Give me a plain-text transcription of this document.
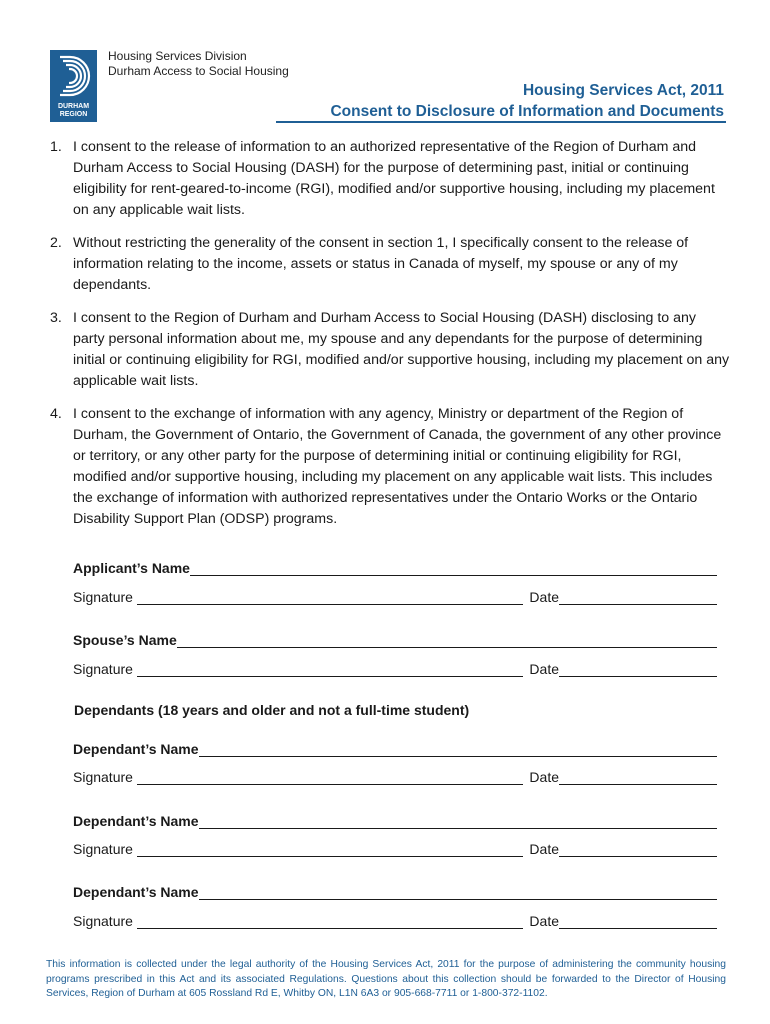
DURHAM
REGION
Housing Services Division
Durham Access to Social Housing
Housing Services Act, 2011
Consent to Disclosure of Information and Documents
1. I consent to the release of information to an authorized representative of the Region of Durham and Durham Access to Social Housing (DASH) for the purpose of determining past, initial or continuing eligibility for rent-geared-to-income (RGI), modified and/or supportive housing, including my placement on any applicable wait lists.
2. Without restricting the generality of the consent in section 1, I specifically consent to the release of information relating to the income, assets or status in Canada of myself, my spouse or any of my dependants.
3. I consent to the Region of Durham and Durham Access to Social Housing (DASH) disclosing to any party personal information about me, my spouse and any dependants for the purpose of determining initial or continuing eligibility for RGI, modified and/or supportive housing, including my placement on any applicable wait lists.
4. I consent to the exchange of information with any agency, Ministry or department of the Region of Durham, the Government of Ontario, the Government of Canada, the government of any other province or territory, or any other party for the purpose of determining initial or continuing eligibility for RGI, modified and/or supportive housing, including my placement on any applicable wait lists. This includes the exchange of information with authorized representatives under the Ontario Works or the Ontario Disability Support Plan (ODSP) programs.
Applicant’s Name
Signature	Date
Spouse’s Name
Signature	Date
Dependants (18 years and older and not a full-time student)
Dependant’s Name
Signature	Date
Dependant’s Name
Signature	Date
Dependant’s Name
Signature	Date
This information is collected under the legal authority of the Housing Services Act, 2011 for the purpose of administering the community housing programs prescribed in this Act and its associated Regulations. Questions about this collection should be forwarded to the Director of Housing Services, Region of Durham at 605 Rossland Rd E, Whitby ON, L1N 6A3 or 905-668-7711 or 1-800-372-1102.
